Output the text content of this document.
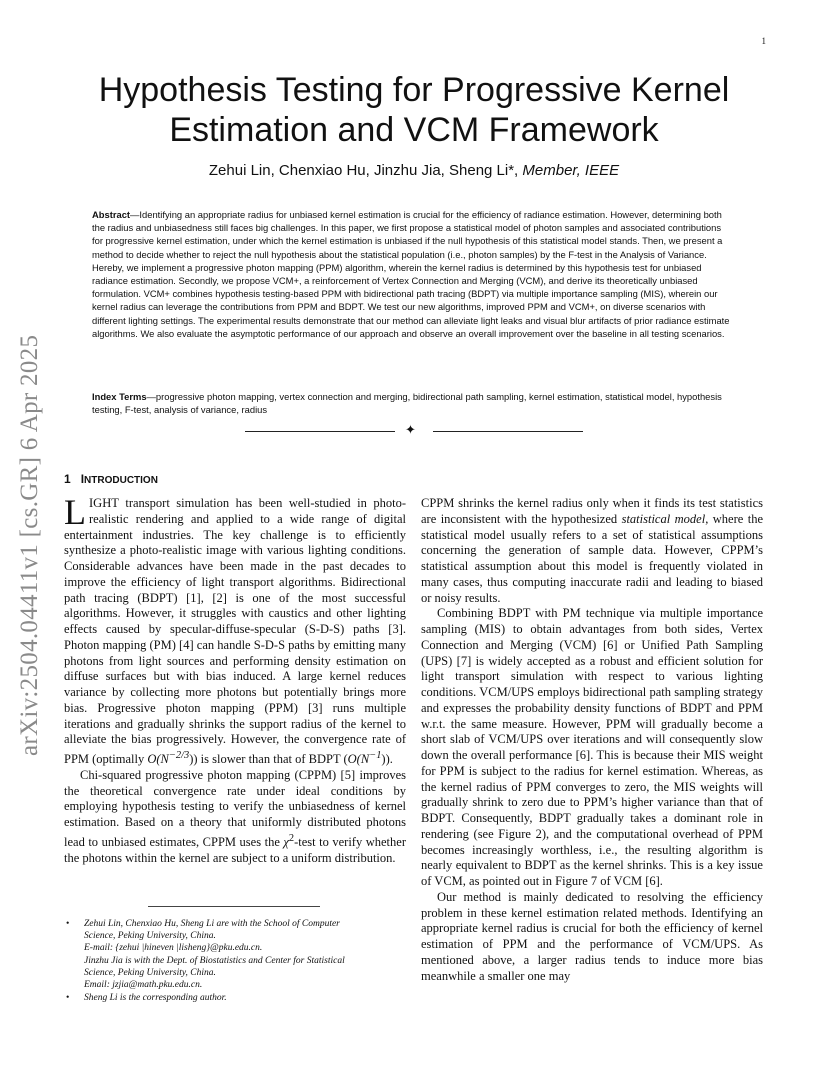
1
arXiv:2504.04411v1 [cs.GR] 6 Apr 2025
Hypothesis Testing for Progressive Kernel
Estimation and VCM Framework
Zehui Lin, Chenxiao Hu, Jinzhu Jia, Sheng Li*, Member, IEEE

Abstract—Identifying an appropriate radius for unbiased kernel estimation is crucial for the efficiency of radiance estimation. However, determining both the radius and unbiasedness still faces big challenges. In this paper, we first propose a statistical model of photon samples and associated contributions for progressive kernel estimation, under which the kernel estimation is unbiased if the null hypothesis of this statistical model stands. Then, we present a method to decide whether to reject the null hypothesis about the statistical population (i.e., photon samples) by the F-test in the Analysis of Variance. Hereby, we implement a progressive photon mapping (PPM) algorithm, wherein the kernel radius is determined by this hypothesis test for unbiased radiance estimation. Secondly, we propose VCM+, a reinforcement of Vertex Connection and Merging (VCM), and derive its theoretically unbiased formulation. VCM+ combines hypothesis testing-based PPM with bidirectional path tracing (BDPT) via multiple importance sampling (MIS), wherein our kernel radius can leverage the contributions from PPM and BDPT. We test our new algorithms, improved PPM and VCM+, on diverse scenarios with different lighting settings. The experimental results demonstrate that our method can alleviate light leaks and visual blur artifacts of prior radiance estimate algorithms. We also evaluate the asymptotic performance of our approach and observe an overall improvement over the baseline in all testing scenarios.

Index Terms—progressive photon mapping, vertex connection and merging, bidirectional path sampling, kernel estimation, statistical model, hypothesis testing, F-test, analysis of variance, radius

✦
1 INTRODUCTION

LIGHT transport simulation has been well-studied in photo-realistic rendering and applied to a wide range of digital entertainment industries. The key challenge is to efficiently synthesize a photo-realistic image with various lighting conditions. Considerable advances have been made in the past decades to improve the efficiency of light transport algorithms. Bidirectional path tracing (BDPT) [1], [2] is one of the most successful algorithms. However, it struggles with caustics and other lighting effects caused by specular-diffuse-specular (S-D-S) paths [3]. Photon mapping (PM) [4] can handle S-D-S paths by emitting many photons from light sources and performing density estimation on diffuse surfaces but with bias induced. A large kernel reduces variance by collecting more photons but potentially brings more bias. Progressive photon mapping (PPM) [3] runs multiple iterations and gradually shrinks the support radius of the kernel to alleviate the bias progressively. However, the convergence rate of PPM (optimally $O(N^{-2/3})$) is slower than that of BDPT $(O(N^{-1}))$.

Chi-squared progressive photon mapping (CPPM) [5] improves the theoretical convergence rate under ideal conditions by employing hypothesis testing to verify the unbiasedness of kernel estimation. Based on a theory that uniformly distributed photons lead to unbiased estimates, CPPM uses the $\chi^2$-test to verify whether the photons within the kernel are subject to a uniform distribution.

CPPM shrinks the kernel radius only when it finds its test statistics are inconsistent with the hypothesized statistical model, where the statistical model usually refers to a set of statistical assumptions concerning the generation of sample data. However, CPPM’s statistical assumption about this model is frequently violated in many cases, thus computing inaccurate radii and leading to biased or noisy results.

Combining BDPT with PM technique via multiple importance sampling (MIS) to obtain advantages from both sides, Vertex Connection and Merging (VCM) [6] or Unified Path Sampling (UPS) [7] is widely accepted as a robust and efficient solution for light transport simulation with respect to various lighting conditions. VCM/UPS employs bidirectional path sampling strategy and expresses the probability density functions of BDPT and PPM w.r.t. the same measure. However, PPM will gradually become a short slab of VCM/UPS over iterations and will consequently slow down the overall performance [6]. This is because their MIS weight for PPM is subject to the radius for kernel estimation. Whereas, as the kernel radius of PPM converges to zero, the MIS weights will gradually shrink to zero due to PPM’s higher variance than that of BDPT. Consequently, BDPT gradually takes a dominant role in rendering (see Figure 2), and the computational overhead of PPM becomes increasingly worthless, i.e., the resulting algorithm is nearly equivalent to BDPT as the kernel shrinks. This is a key issue of VCM, as pointed out in Figure 7 of VCM [6].

Our method is mainly dedicated to resolving the efficiency problem in these kernel estimation related methods. Identifying an appropriate kernel radius is crucial for both the efficiency of kernel estimation of PPM and the performance of VCM/UPS. As mentioned above, a larger radius tends to induce more bias meanwhile a smaller one may

• Zehui Lin, Chenxiao Hu, Sheng Li are with the School of Computer
Science, Peking University, China.
E-mail: {zehui |hineven |lisheng}@pku.edu.cn.
Jinzhu Jia is with the Dept. of Biostatistics and Center for Statistical
Science, Peking University, China.
Email: jzjia@math.pku.edu.cn.
• Sheng Li is the corresponding author.
